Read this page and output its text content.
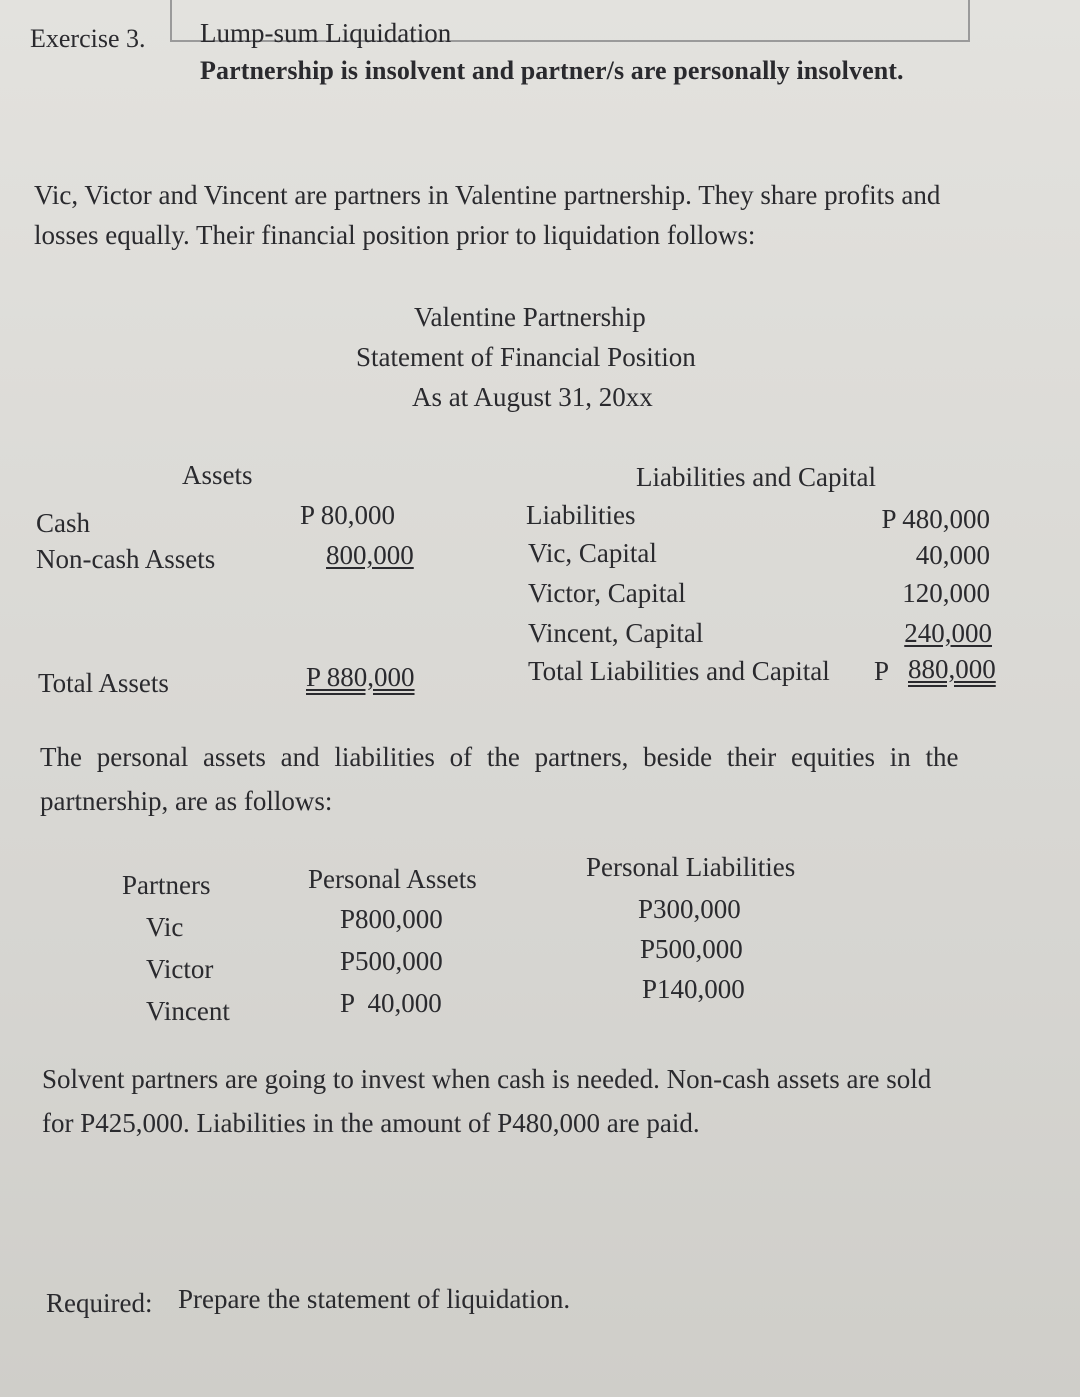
Exercise 3. Lump-sum Liquidation
Partnership is insolvent and partner/s are personally insolvent.
Vic, Victor and Vincent are partners in Valentine partnership. They share profits and
losses equally. Their financial position prior to liquidation follows:
Valentine Partnership
Statement of Financial Position
As at August 31, 20xx
Assets
Cash	P 80,000
Non-cash Assets	800,000
Total Assets	P 880,000
Liabilities and Capital
Liabilities	P 480,000
Vic, Capital	40,000
Victor, Capital	120,000
Vincent, Capital	240,000
Total Liabilities and Capital P 880,000
The personal assets and liabilities of the partners, beside their equities in the
partnership, are as follows:
Partners	Personal Assets	Personal Liabilities
Vic	P800,000	P300,000
Victor	P500,000	P500,000
Vincent	P  40,000	P140,000
Solvent partners are going to invest when cash is needed. Non-cash assets are sold
for P425,000. Liabilities in the amount of P480,000 are paid.
Required: Prepare the statement of liquidation.
